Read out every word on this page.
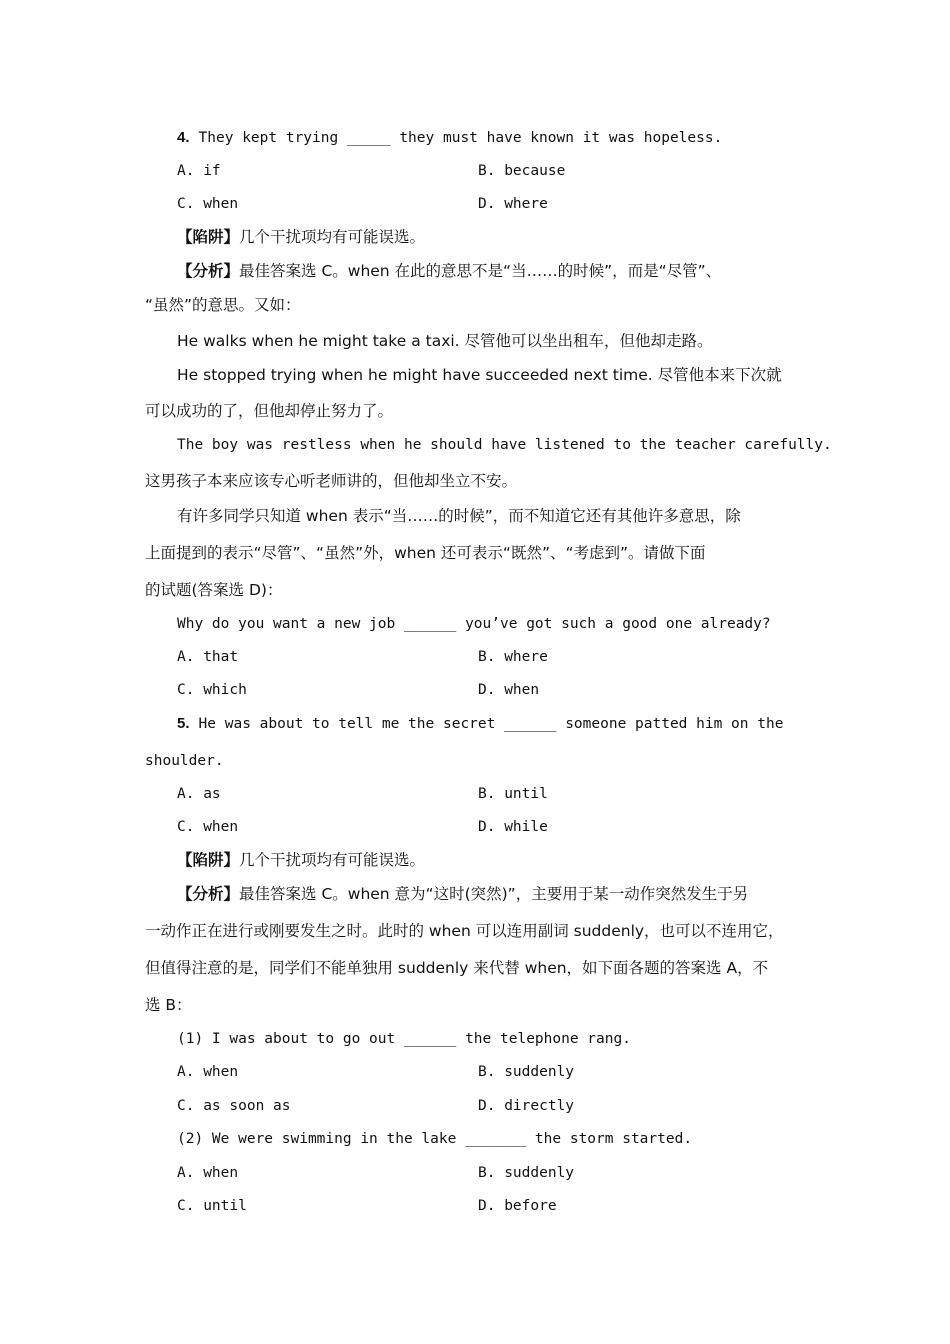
4. They kept trying _____ they must have known it was hopeless.
A. if	B. because
C. when	D. where
【陷阱】几个干扰项均有可能误选。
【分析】最佳答案选 C。when 在此的意思不是“当……的时候”，而是“尽管”、
“虽然”的意思。又如：
He walks when he might take a taxi. 尽管他可以坐出租车，但他却走路。
He stopped trying when he might have succeeded next time. 尽管他本来下次就
可以成功的了，但他却停止努力了。
The boy was restless when he should have listened to the teacher carefully.
这男孩子本来应该专心听老师讲的，但他却坐立不安。
有许多同学只知道 when 表示“当……的时候”，而不知道它还有其他许多意思，除
上面提到的表示“尽管”、“虽然”外，when 还可表示“既然”、“考虑到”。请做下面
的试题(答案选 D)：
Why do you want a new job ______ you’ve got such a good one already?
A. that	B. where
C. which	D. when
5. He was about to tell me the secret ______ someone patted him on the
shoulder.
A. as	B. until
C. when	D. while
【陷阱】几个干扰项均有可能误选。
【分析】最佳答案选 C。when 意为“这时(突然)”，主要用于某一动作突然发生于另
一动作正在进行或刚要发生之时。此时的 when 可以连用副词 suddenly，也可以不连用它，
但值得注意的是，同学们不能单独用 suddenly 来代替 when，如下面各题的答案选 A，不
选 B：
(1) I was about to go out ______ the telephone rang.
A. when	B. suddenly
C. as soon as	D. directly
(2) We were swimming in the lake _______ the storm started.
A. when	B. suddenly
C. until	D. before
